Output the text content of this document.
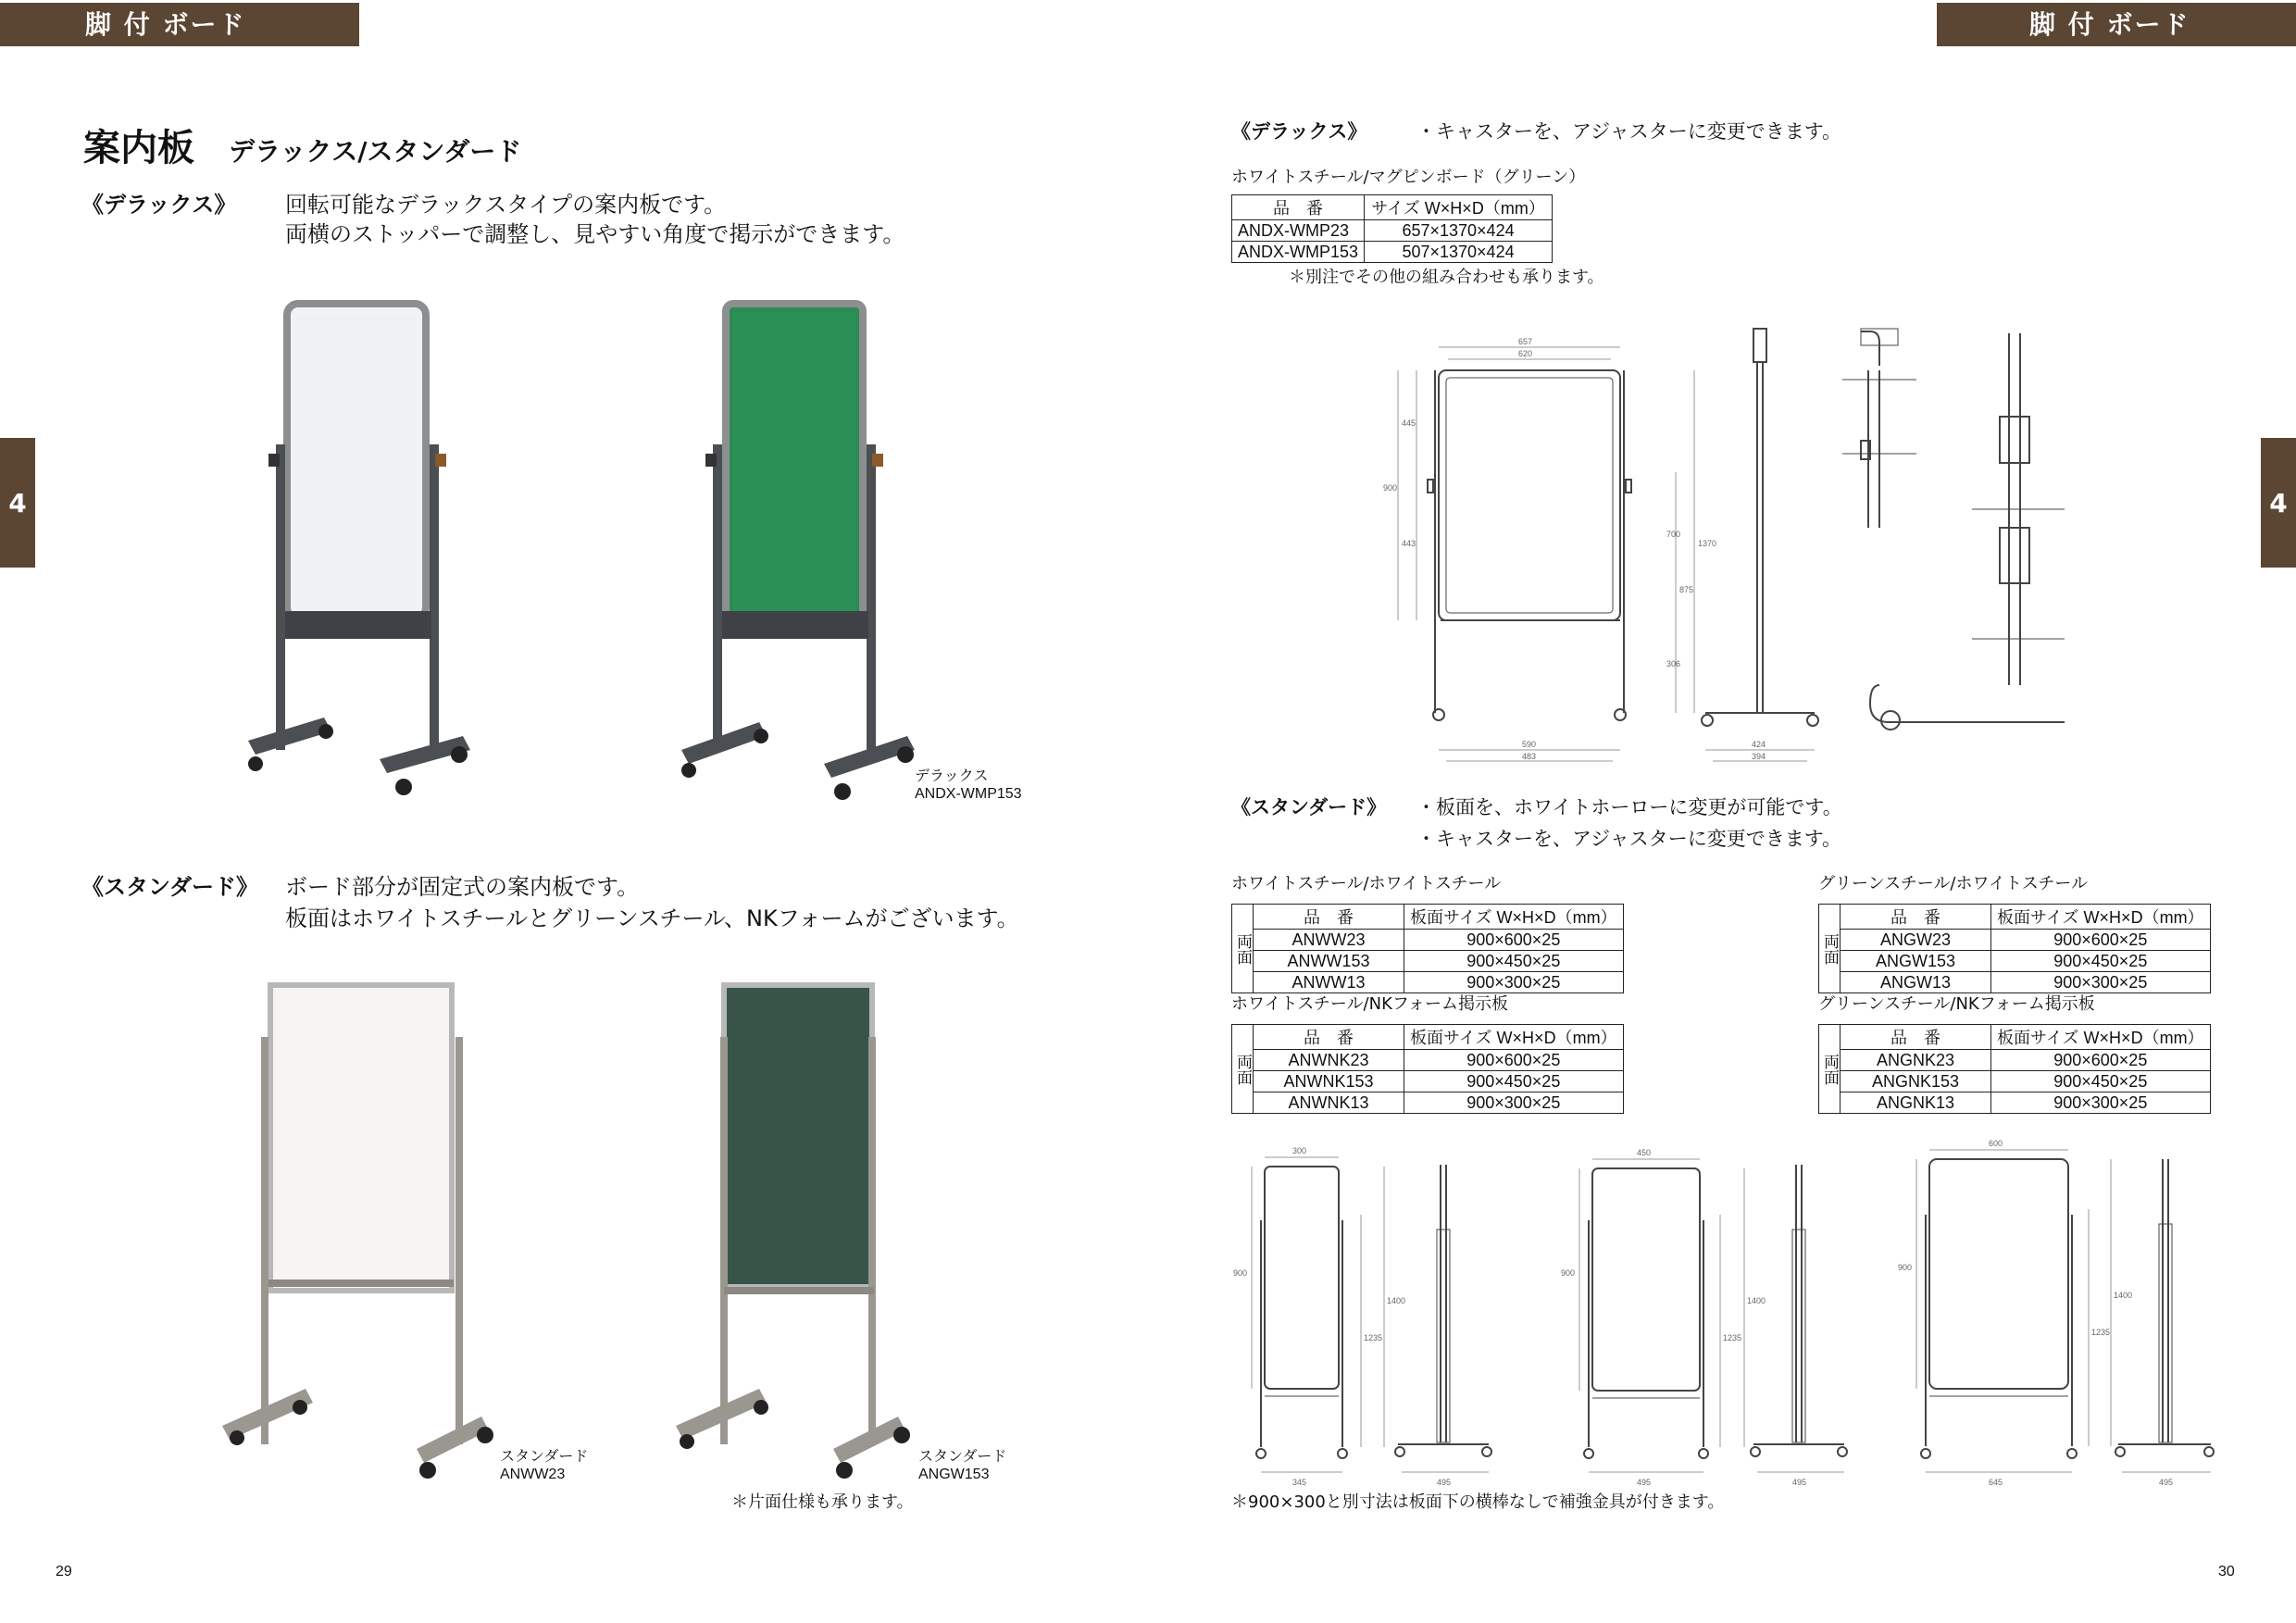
脚 付 ボード	脚 付 ボード
4	4
案内板 デラックス/スタンダード
《デラックス》 回転可能なデラックスタイプの案内板です。
両横のストッパーで調整し、見やすい角度で掲示ができます。
デラックス
ANDX-WMP153
《スタンダード》 ボード部分が固定式の案内板です。
板面はホワイトスチールとグリーンスチール、NKフォームがございます。
スタンダード
ANWW23
スタンダード
ANGW153
＊片面仕様も承ります。
29
《デラックス》	・キャスターを、アジャスターに変更できます。
ホワイトスチール/マグピンボード（グリーン）
品　番	サイズ W×H×D（mm）
ANDX-WMP23	657×1370×424
ANDX-WMP153	507×1370×424
＊別注でその他の組み合わせも承ります。
657
620
445
900
443
700
1370
875
306
590
483
424
394
《スタンダード》 ・板面を、ホワイトホーローに変更が可能です。
・キャスターを、アジャスターに変更できます。
ホワイトスチール/ホワイトスチール
両面	品　番	板面サイズ W×H×D（mm）
	ANWW23	900×600×25
	ANWW153	900×450×25
	ANWW13	900×300×25
グリーンスチール/ホワイトスチール
両面	品　番	板面サイズ W×H×D（mm）
	ANGW23	900×600×25
	ANGW153	900×450×25
	ANGW13	900×300×25
ホワイトスチール/NKフォーム掲示板
両面	品　番	板面サイズ W×H×D（mm）
	ANWNK23	900×600×25
	ANWNK153	900×450×25
	ANWNK13	900×300×25
グリーンスチール/NKフォーム掲示板
両面	品　番	板面サイズ W×H×D（mm）
	ANGNK23	900×600×25
	ANGNK153	900×450×25
	ANGNK13	900×300×25
300
900
1235
1400
345	495
450
900
1235
1400
495	495
600
900
1235
1400
645	495
＊900×300と別寸法は板面下の横棒なしで補強金具が付きます。
30
